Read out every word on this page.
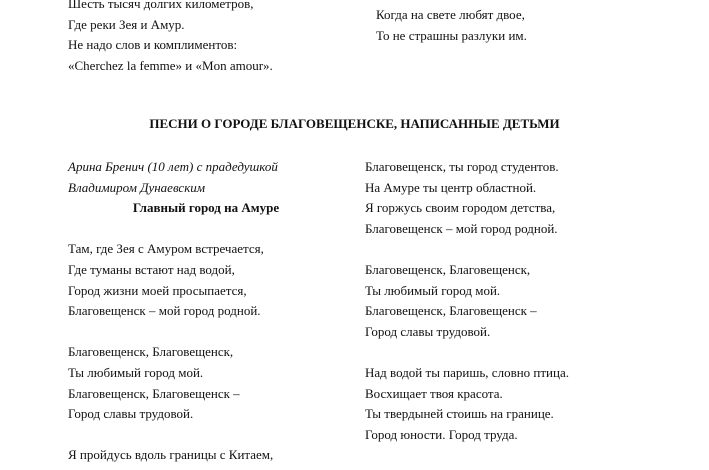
Шесть тысяч долгих километров,
Где реки Зея и Амур.
Не надо слов и комплиментов:
«Cherchez la femme» и «Mon amour».
Когда на свете любят двое,
То не страшны разлуки им.
ПЕСНИ О ГОРОДЕ БЛАГОВЕЩЕНСКЕ, НАПИСАННЫЕ ДЕТЬМИ
Арина Бренич (10 лет) с прадедушкой
Владимиром Дунаевским
Главный город на Амуре
Там, где Зея с Амуром встречается,
Где туманы встают над водой,
Город жизни моей просыпается,
Благовещенск – мой город родной.
Благовещенск, Благовещенск,
Ты любимый город мой.
Благовещенск, Благовещенск –
Город славы трудовой.
Я пройдусь вдоль границы с Китаем,
Благовещенск, ты город студентов.
На Амуре ты центр областной.
Я горжусь своим городом детства,
Благовещенск – мой город родной.
Благовещенск, Благовещенск,
Ты любимый город мой.
Благовещенск, Благовещенск –
Город славы трудовой.
Над водой ты паришь, словно птица.
Восхищает твоя красота.
Ты твердыней стоишь на границе.
Город юности. Город труда.
